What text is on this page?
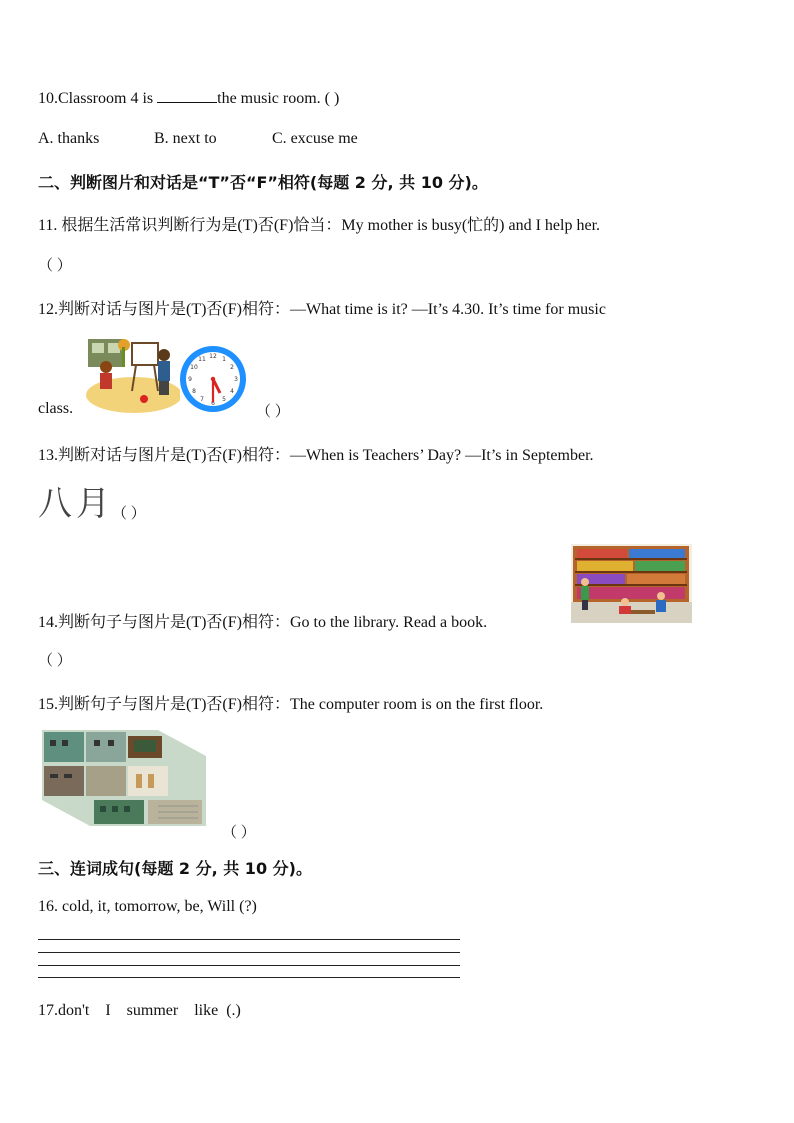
10.Classroom 4 is	the music room. ( )
A. thanks	B. next to	C. excuse me
二、判断图片和对话是“T”否“F”相符(每题 2 分, 共 10 分)。
11. 根据生活常识判断行为是(T)否(F)恰当：My mother is busy(忙的) and I help her.
（ ）
12.判断对话与图片是(T)否(F)相符：—What time is it? —It’s 4.30. It’s time for music
class.
12 1
2
3
4
5
6
7
8
9
10
11
（ ）
13.判断对话与图片是(T)否(F)相符：—When is Teachers’ Day? —It’s in September.
八月
（ ）
14.判断句子与图片是(T)否(F)相符：Go to the library. Read a book.
（ ）
15.判断句子与图片是(T)否(F)相符：The computer room is on the first floor.
（ ）
三、连词成句(每题 2 分, 共 10 分)。
16. cold, it, tomorrow, be, Will (?)
17.don't    I    summer    like  (.)
